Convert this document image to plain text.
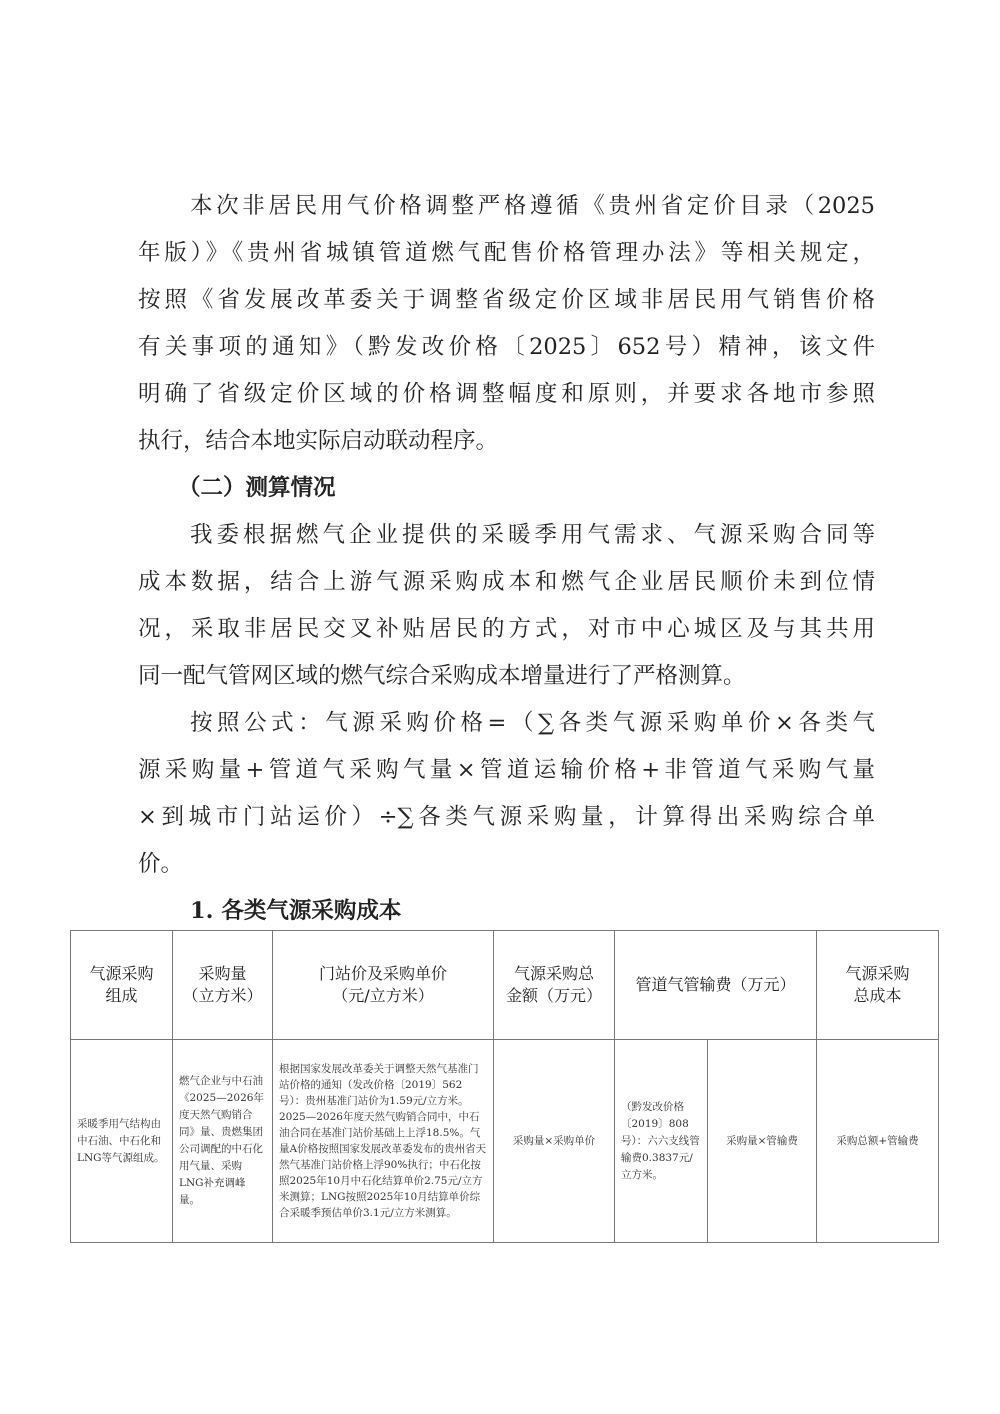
本次非居民用气价格调整严格遵循《贵州省定价目录（2025
年版）》《贵州省城镇管道燃气配售价格管理办法》等相关规定，
按照《省发展改革委关于调整省级定价区域非居民用气销售价格
有关事项的通知》（黔发改价格〔2025〕652号）精神，该文件
明确了省级定价区域的价格调整幅度和原则，并要求各地市参照
执行，结合本地实际启动联动程序。
（二）测算情况
我委根据燃气企业提供的采暖季用气需求、气源采购合同等
成本数据，结合上游气源采购成本和燃气企业居民顺价未到位情
况，采取非居民交叉补贴居民的方式，对市中心城区及与其共用
同一配气管网区域的燃气综合采购成本增量进行了严格测算。
按照公式：气源采购价格=（∑各类气源采购单价×各类气
源采购量+管道气采购气量×管道运输价格+非管道气采购气量
×到城市门站运价）÷∑各类气源采购量，计算得出采购综合单
价。
1. 各类气源采购成本
气源采购
组成	采购量
（立方米）	门站价及采购单价
（元/立方米）	气源采购总
金额（万元）	管道气管输费（万元）		气源采购
总成本
采暖季用气结构由中石油、中石化和LNG等气源组成。	燃气企业与中石油《2025—2026年度天然气购销合同》量、贵燃集团公司调配的中石化用气量、采购LNG补充调峰量。	根据国家发展改革委关于调整天然气基准门站价格的通知（发改价格〔2019〕562号）：贵州基准门站价为1.59元/立方米。2025—2026年度天然气购销合同中，中石油合同在基准门站价基础上上浮18.5%。气量A价格按照国家发展改革委发布的贵州省天然气基准门站价格上浮90%执行；中石化按照2025年10月中石化结算单价2.75元/立方米测算；LNG按照2025年10月结算单价综合采暖季预估单价3.1元/立方米测算。	采购量×采购单价	（黔发改价格〔2019〕808号）：六六支线管输费0.3837元/立方米。	采购量×管输费	采购总额+管输费
